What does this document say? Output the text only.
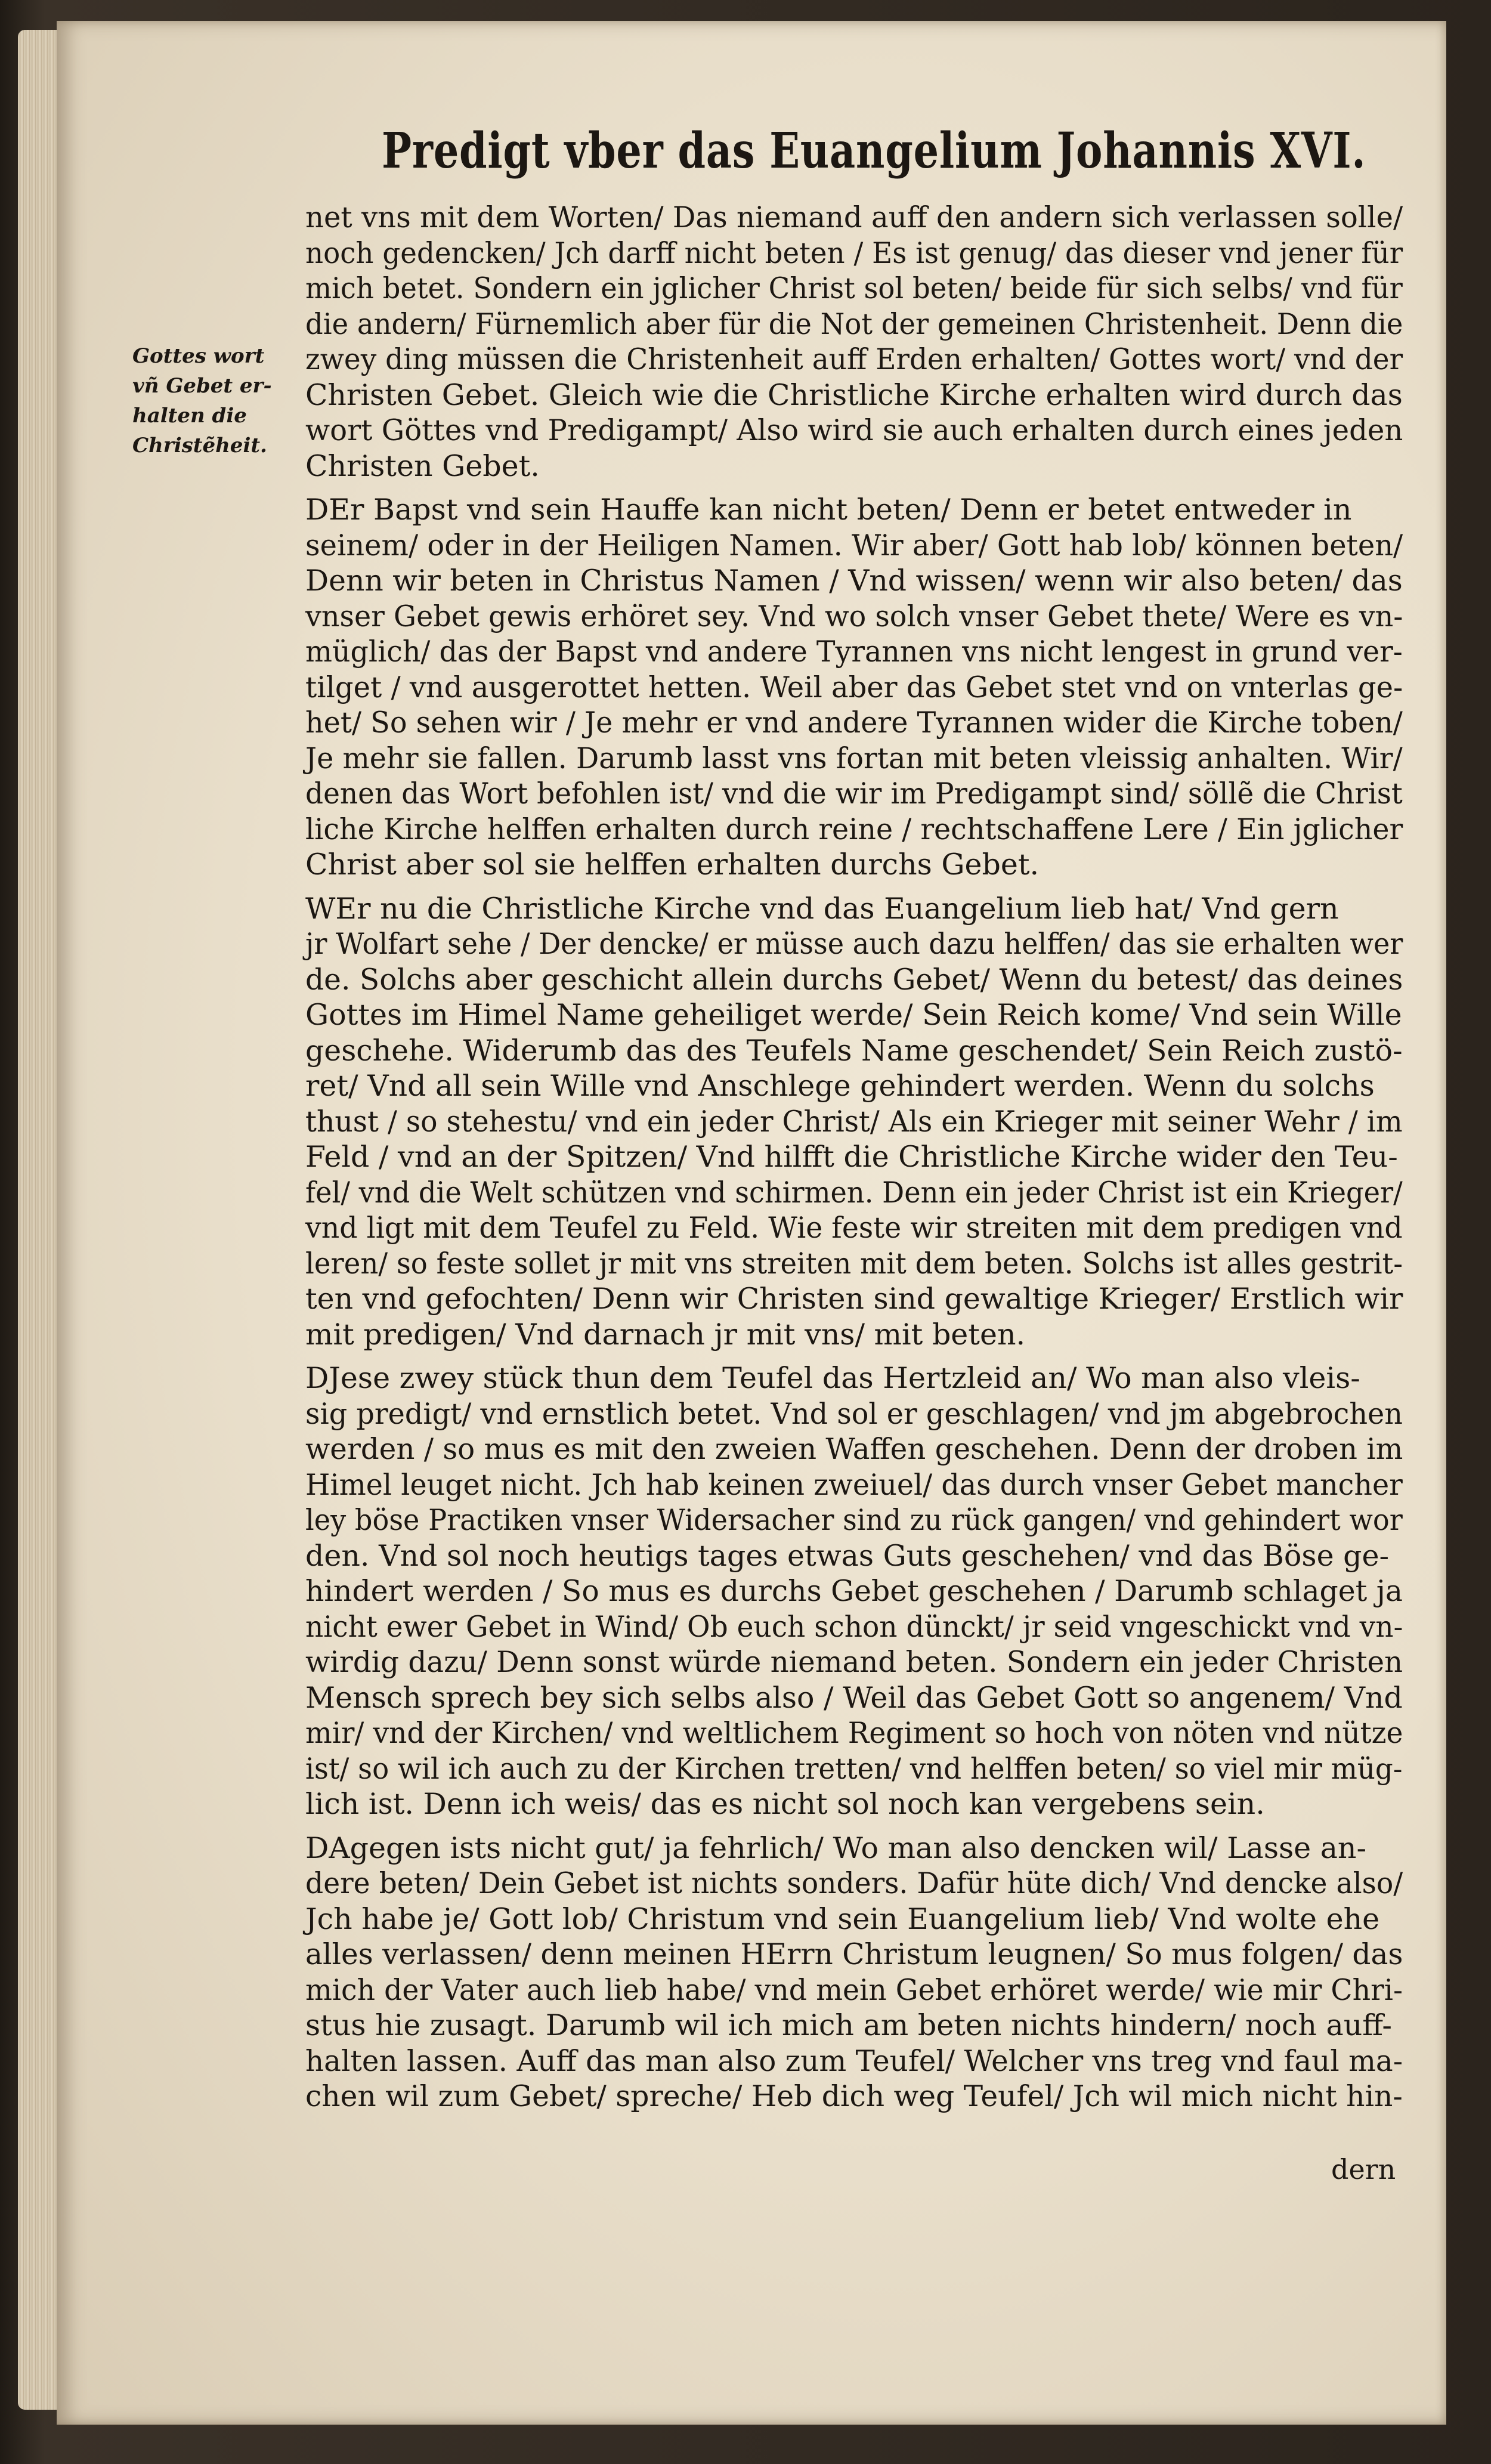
Predigt vber das Euangelium Johannis XVI.
Gottes wort
vñ Gebet er-
halten die
Christẽheit.
net vns mit dem Worten/ Das niemand auff den andern sich verlassen solle/
noch gedencken/ Jch darff nicht beten / Es ist genug/ das dieser vnd jener für
mich betet. Sondern ein jglicher Christ sol beten/ beide für sich selbs/ vnd für
die andern/ Fürnemlich aber für die Not der gemeinen Christenheit. Denn die
zwey ding müssen die Christenheit auff Erden erhalten/ Gottes wort/ vnd der
Christen Gebet. Gleich wie die Christliche Kirche erhalten wird durch das
wort Göttes vnd Predigampt/ Also wird sie auch erhalten durch eines jeden
Christen Gebet.
DEr Bapst vnd sein Hauffe kan nicht beten/ Denn er betet entweder in
seinem/ oder in der Heiligen Namen. Wir aber/ Gott hab lob/ können beten/
Denn wir beten in Christus Namen / Vnd wissen/ wenn wir also beten/ das
vnser Gebet gewis erhöret sey. Vnd wo solch vnser Gebet thete/ Were es vn-
müglich/ das der Bapst vnd andere Tyrannen vns nicht lengest in grund ver-
tilget / vnd ausgerottet hetten. Weil aber das Gebet stet vnd on vnterlas ge-
het/ So sehen wir / Je mehr er vnd andere Tyrannen wider die Kirche toben/
Je mehr sie fallen. Darumb lasst vns fortan mit beten vleissig anhalten. Wir/
denen das Wort befohlen ist/ vnd die wir im Predigampt sind/ söllẽ die Christ
liche Kirche helffen erhalten durch reine / rechtschaffene Lere / Ein jglicher
Christ aber sol sie helffen erhalten durchs Gebet.
WEr nu die Christliche Kirche vnd das Euangelium lieb hat/ Vnd gern
jr Wolfart sehe / Der dencke/ er müsse auch dazu helffen/ das sie erhalten wer
de. Solchs aber geschicht allein durchs Gebet/ Wenn du betest/ das deines
Gottes im Himel Name geheiliget werde/ Sein Reich kome/ Vnd sein Wille
geschehe. Widerumb das des Teufels Name geschendet/ Sein Reich zustö-
ret/ Vnd all sein Wille vnd Anschlege gehindert werden. Wenn du solchs
thust / so stehestu/ vnd ein jeder Christ/ Als ein Krieger mit seiner Wehr / im
Feld / vnd an der Spitzen/ Vnd hilfft die Christliche Kirche wider den Teu-
fel/ vnd die Welt schützen vnd schirmen. Denn ein jeder Christ ist ein Krieger/
vnd ligt mit dem Teufel zu Feld. Wie feste wir streiten mit dem predigen vnd
leren/ so feste sollet jr mit vns streiten mit dem beten. Solchs ist alles gestrit-
ten vnd gefochten/ Denn wir Christen sind gewaltige Krieger/ Erstlich wir
mit predigen/ Vnd darnach jr mit vns/ mit beten.
DJese zwey stück thun dem Teufel das Hertzleid an/ Wo man also vleis-
sig predigt/ vnd ernstlich betet. Vnd sol er geschlagen/ vnd jm abgebrochen
werden / so mus es mit den zweien Waffen geschehen. Denn der droben im
Himel leuget nicht. Jch hab keinen zweiuel/ das durch vnser Gebet mancher
ley böse Practiken vnser Widersacher sind zu rück gangen/ vnd gehindert wor
den. Vnd sol noch heutigs tages etwas Guts geschehen/ vnd das Böse ge-
hindert werden / So mus es durchs Gebet geschehen / Darumb schlaget ja
nicht ewer Gebet in Wind/ Ob euch schon dünckt/ jr seid vngeschickt vnd vn-
wirdig dazu/ Denn sonst würde niemand beten. Sondern ein jeder Christen
Mensch sprech bey sich selbs also / Weil das Gebet Gott so angenem/ Vnd
mir/ vnd der Kirchen/ vnd weltlichem Regiment so hoch von nöten vnd nütze
ist/ so wil ich auch zu der Kirchen tretten/ vnd helffen beten/ so viel mir müg-
lich ist. Denn ich weis/ das es nicht sol noch kan vergebens sein.
DAgegen ists nicht gut/ ja fehrlich/ Wo man also dencken wil/ Lasse an-
dere beten/ Dein Gebet ist nichts sonders. Dafür hüte dich/ Vnd dencke also/
Jch habe je/ Gott lob/ Christum vnd sein Euangelium lieb/ Vnd wolte ehe
alles verlassen/ denn meinen HErrn Christum leugnen/ So mus folgen/ das
mich der Vater auch lieb habe/ vnd mein Gebet erhöret werde/ wie mir Chri-
stus hie zusagt. Darumb wil ich mich am beten nichts hindern/ noch auff-
halten lassen. Auff das man also zum Teufel/ Welcher vns treg vnd faul ma-
chen wil zum Gebet/ spreche/ Heb dich weg Teufel/ Jch wil mich nicht hin-
dern
